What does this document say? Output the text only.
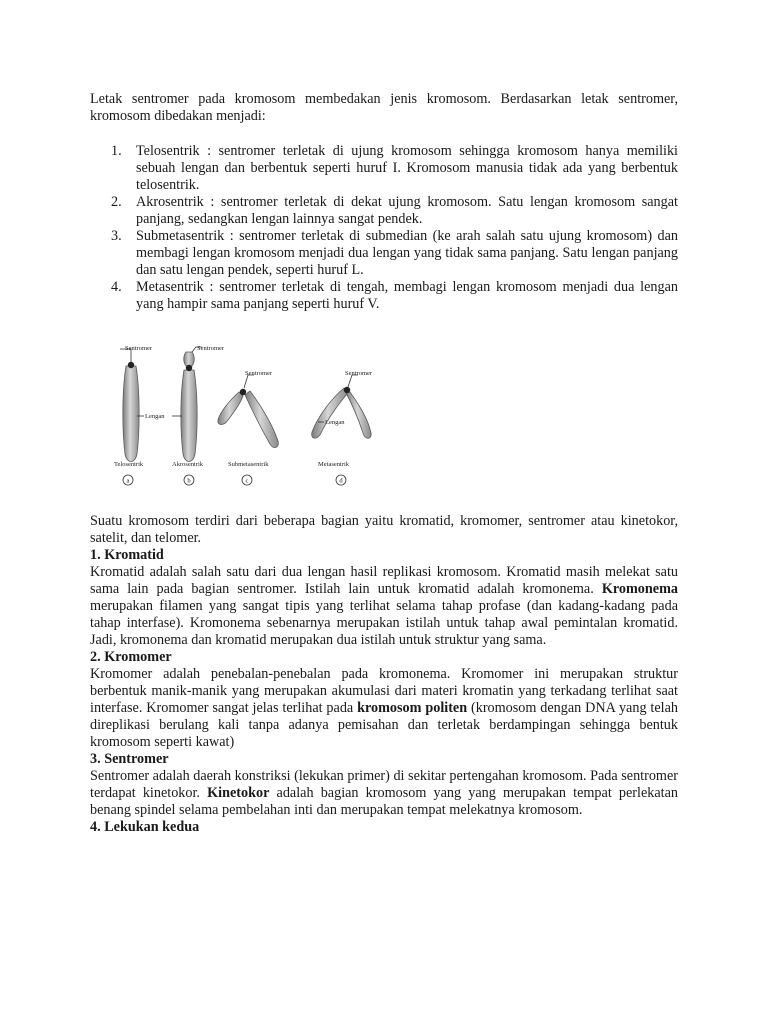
Letak sentromer pada kromosom membedakan jenis kromosom. Berdasarkan letak sentromer, kromosom dibedakan menjadi:

1. Telosentrik : sentromer terletak di ujung kromosom sehingga kromosom hanya memiliki sebuah lengan dan berbentuk seperti huruf I. Kromosom manusia tidak ada yang berbentuk telosentrik.
2. Akrosentrik : sentromer terletak di dekat ujung kromosom. Satu lengan kromosom sangat panjang, sedangkan lengan lainnya sangat pendek.
3. Submetasentrik : sentromer terletak di submedian (ke arah salah satu ujung kromosom) dan membagi lengan kromosom menjadi dua lengan yang tidak sama panjang. Satu lengan panjang dan satu lengan pendek, seperti huruf L.
4. Metasentrik : sentromer terletak di tengah, membagi lengan kromosom menjadi dua lengan yang hampir sama panjang seperti huruf V.
Sentromer	Sentromer
Lengan
Sentromer	Sentromer
Lengan
Telosentrik	Akrosentrik	Submetasentrik	Metasentrik
a	b	c	d

Suatu kromosom terdiri dari beberapa bagian yaitu kromatid, kromomer, sentromer atau kinetokor, satelit, dan telomer.

1. Kromatid

Kromatid adalah salah satu dari dua lengan hasil replikasi kromosom. Kromatid masih melekat satu sama lain pada bagian sentromer. Istilah lain untuk kromatid adalah kromonema. Kromonema merupakan filamen yang sangat tipis yang terlihat selama tahap profase (dan kadang-kadang pada tahap interfase). Kromonema sebenarnya merupakan istilah untuk tahap awal pemintalan kromatid. Jadi, kromonema dan kromatid merupakan dua istilah untuk struktur yang sama.

2. Kromomer

Kromomer adalah penebalan-penebalan pada kromonema. Kromomer ini merupakan struktur berbentuk manik-manik yang merupakan akumulasi dari materi kromatin yang terkadang terlihat saat interfase. Kromomer sangat jelas terlihat pada kromosom politen (kromosom dengan DNA yang telah direplikasi berulang kali tanpa adanya pemisahan dan terletak berdampingan sehingga bentuk kromosom seperti kawat)

3. Sentromer

Sentromer adalah daerah konstriksi (lekukan primer) di sekitar pertengahan kromosom. Pada sentromer terdapat kinetokor. Kinetokor adalah bagian kromosom yang yang merupakan tempat perlekatan benang spindel selama pembelahan inti dan merupakan tempat melekatnya kromosom.

4. Lekukan kedua
